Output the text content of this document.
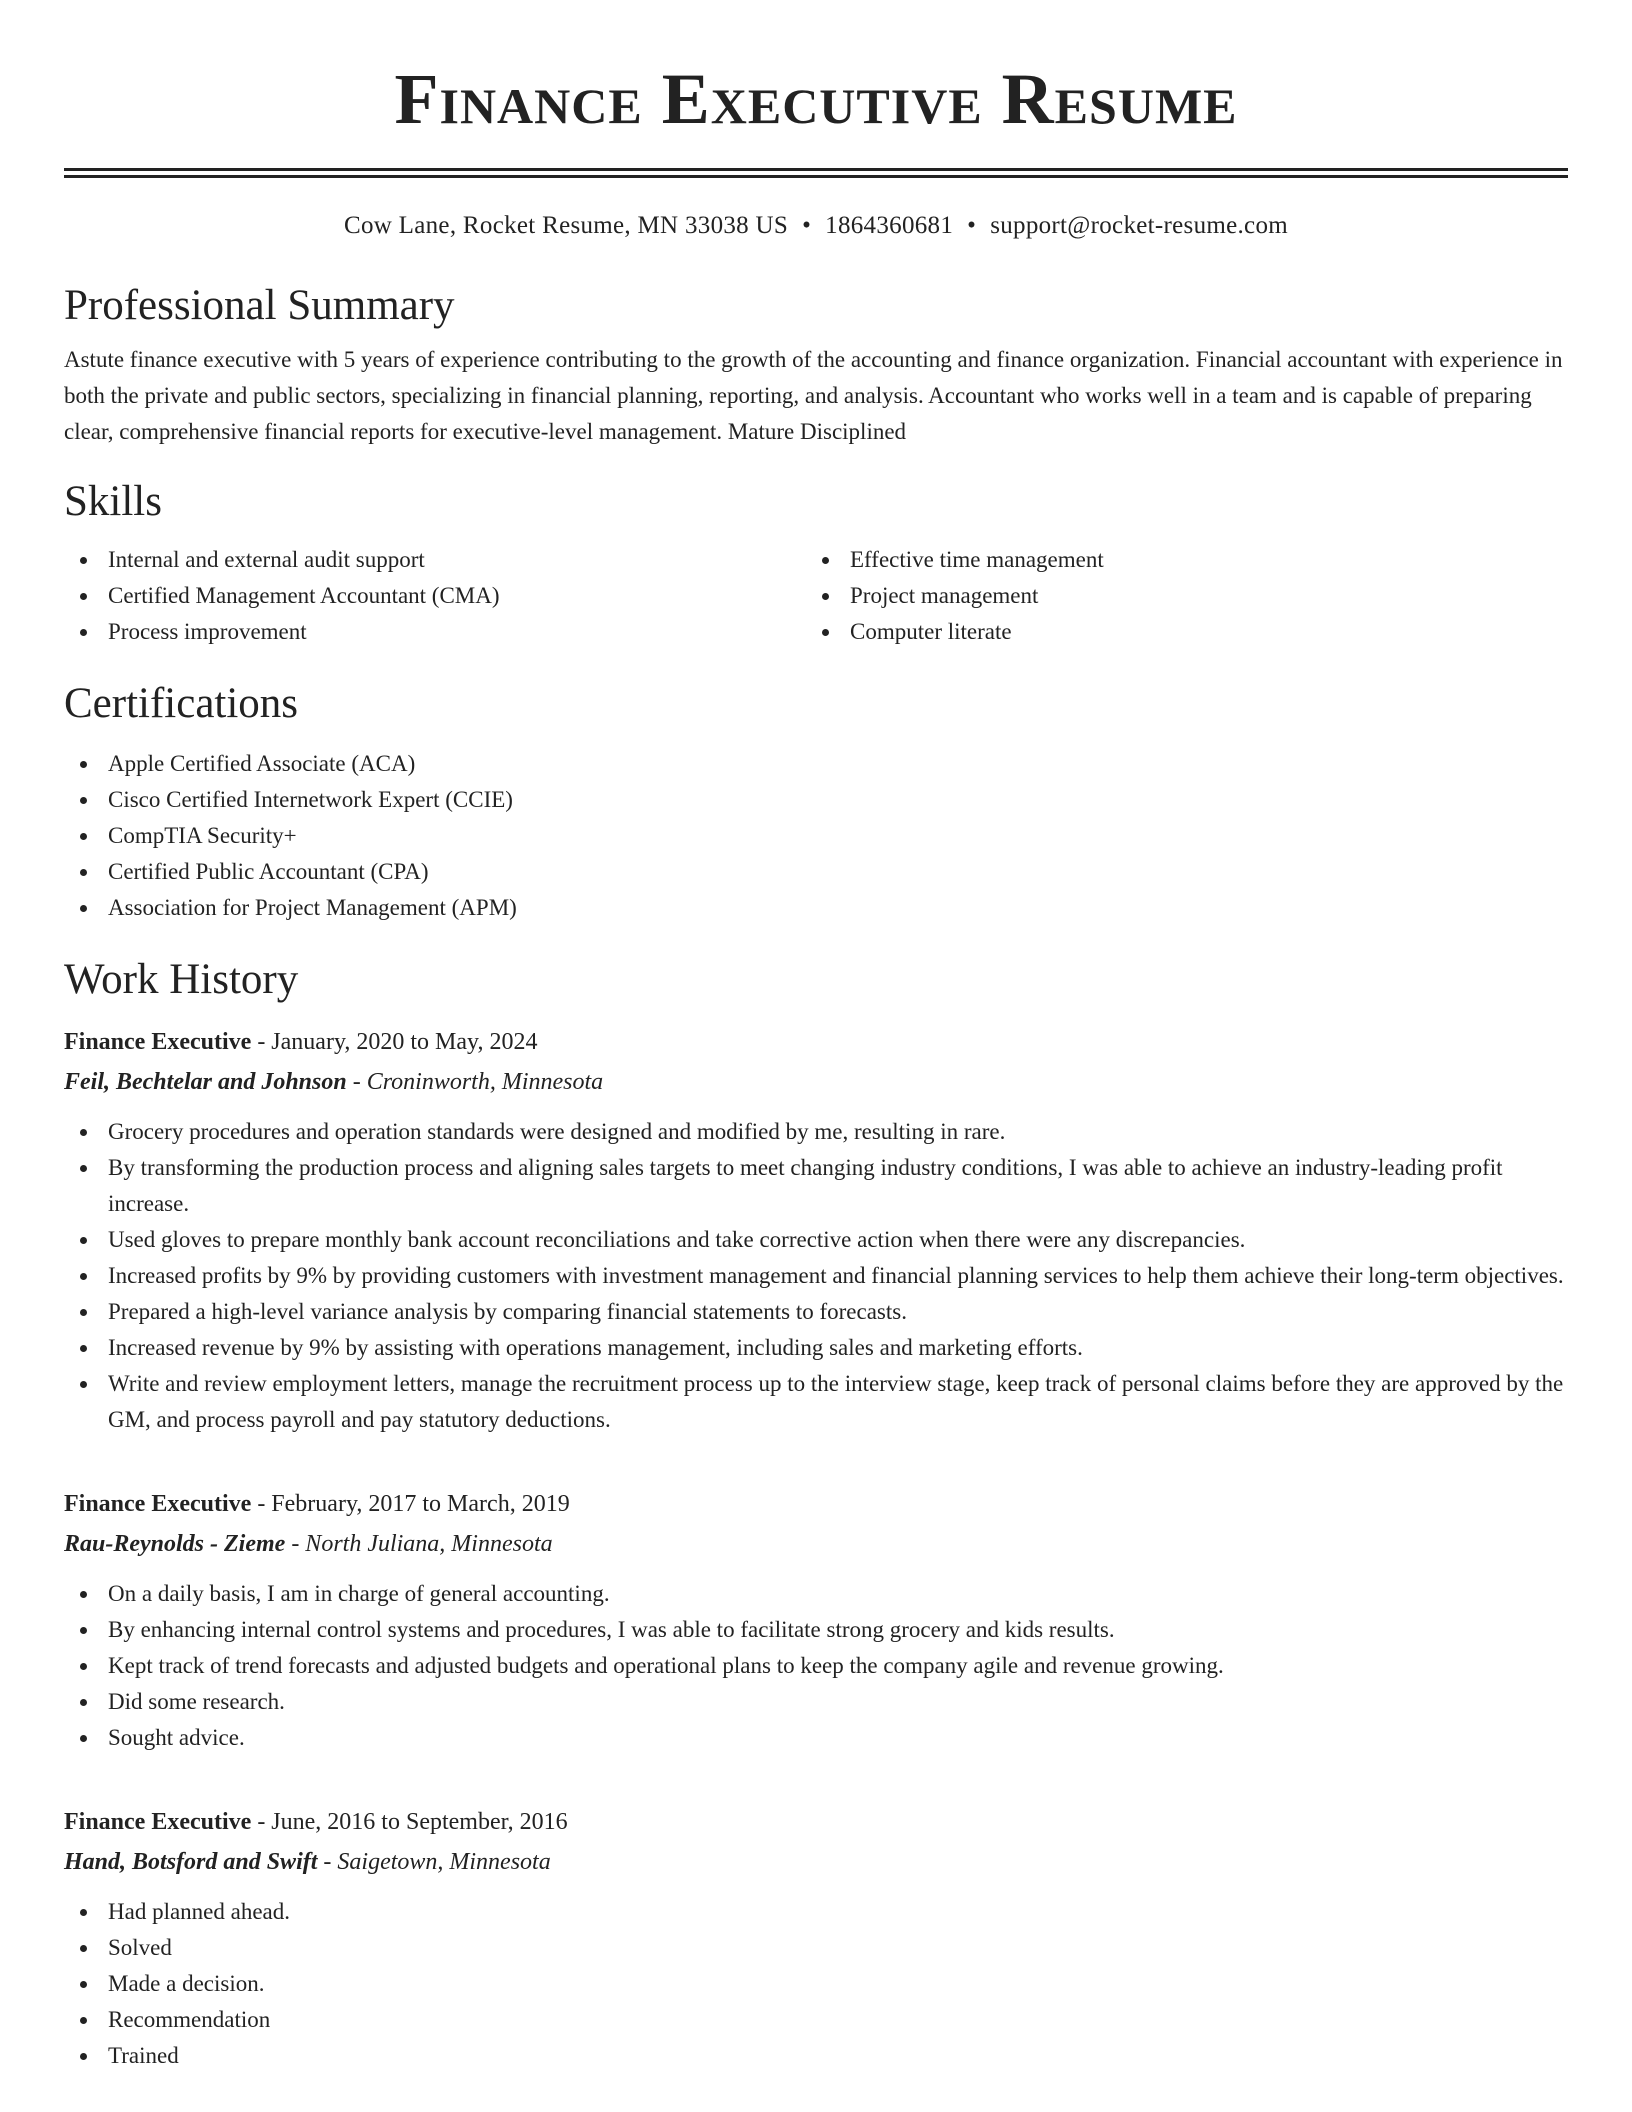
Finance Executive Resume
Cow Lane, Rocket Resume, MN 33038 US • 1864360681 • support@rocket-resume.com
Professional Summary

Astute finance executive with 5 years of experience contributing to the growth of the accounting and finance organization. Financial accountant with experience in both the private and public sectors, specializing in financial planning, reporting, and analysis. Accountant who works well in a team and is capable of preparing clear, comprehensive financial reports for executive-level management. Mature Disciplined

Skills
Internal and external audit support
Certified Management Accountant (CMA)
Process improvement
Effective time management
Project management
Computer literate
Certifications
Apple Certified Associate (ACA)
Cisco Certified Internetwork Expert (CCIE)
CompTIA Security+
Certified Public Accountant (CPA)
Association for Project Management (APM)
Work History
Finance Executive - January, 2020 to May, 2024
Feil, Bechtelar and Johnson - Croninworth, Minnesota
Grocery procedures and operation standards were designed and modified by me, resulting in rare.
By transforming the production process and aligning sales targets to meet changing industry conditions, I was able to achieve an industry-leading profit increase.
Used gloves to prepare monthly bank account reconciliations and take corrective action when there were any discrepancies.
Increased profits by 9% by providing customers with investment management and financial planning services to help them achieve their long-term objectives.
Prepared a high-level variance analysis by comparing financial statements to forecasts.
Increased revenue by 9% by assisting with operations management, including sales and marketing efforts.
Write and review employment letters, manage the recruitment process up to the interview stage, keep track of personal claims before they are approved by the GM, and process payroll and pay statutory deductions.
Finance Executive - February, 2017 to March, 2019
Rau-Reynolds - Zieme - North Juliana, Minnesota
On a daily basis, I am in charge of general accounting.
By enhancing internal control systems and procedures, I was able to facilitate strong grocery and kids results.
Kept track of trend forecasts and adjusted budgets and operational plans to keep the company agile and revenue growing.
Did some research.
Sought advice.
Finance Executive - June, 2016 to September, 2016
Hand, Botsford and Swift - Saigetown, Minnesota
Had planned ahead.
Solved
Made a decision.
Recommendation
Trained
